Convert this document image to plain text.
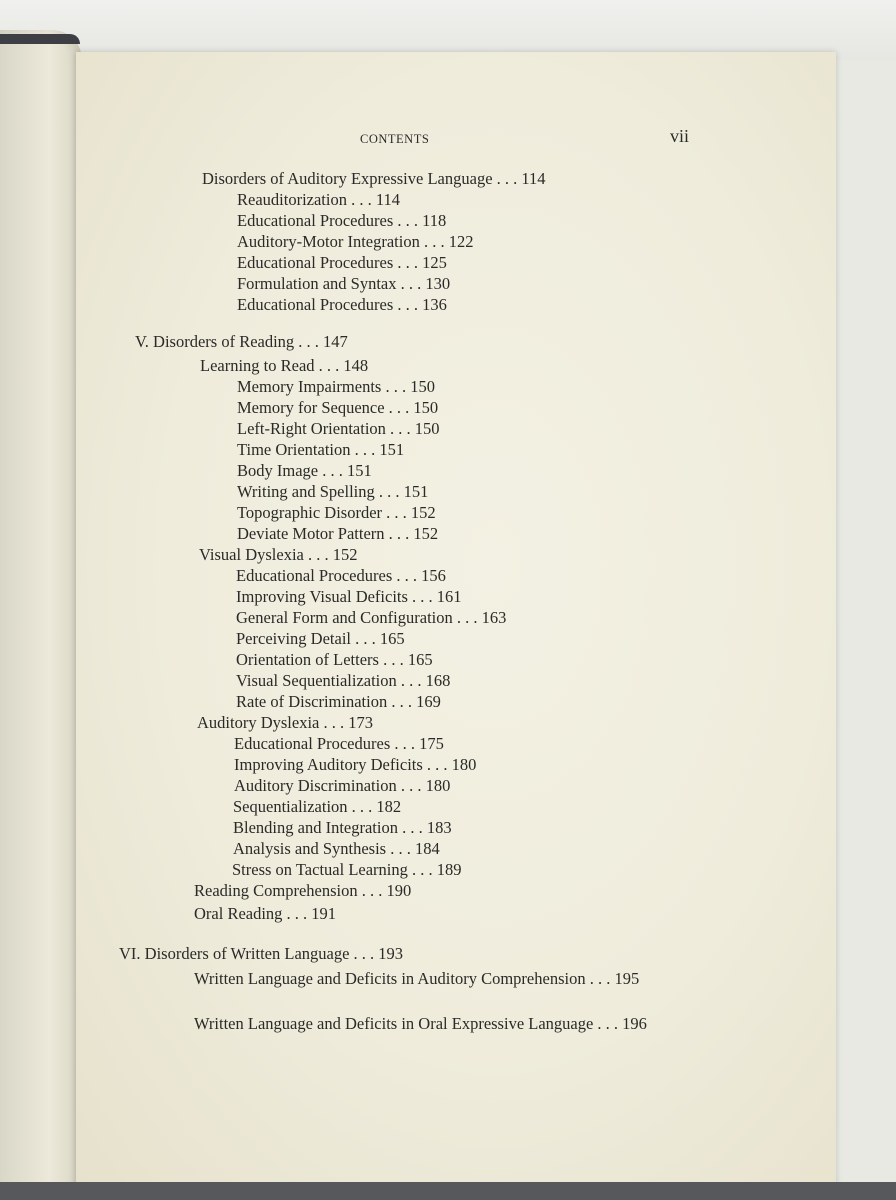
CONTENTS	vii
Disorders of Auditory Expressive Language . . . 114
Reauditorization . . . 114
Educational Procedures . . . 118
Auditory-Motor Integration . . . 122
Educational Procedures . . . 125
Formulation and Syntax . . . 130
Educational Procedures . . . 136
V. Disorders of Reading . . . 147
Learning to Read . . . 148
Memory Impairments . . . 150
Memory for Sequence . . . 150
Left-Right Orientation . . . 150
Time Orientation . . . 151
Body Image . . . 151
Writing and Spelling . . . 151
Topographic Disorder . . . 152
Deviate Motor Pattern . . . 152
Visual Dyslexia . . . 152
Educational Procedures . . . 156
Improving Visual Deficits . . . 161
General Form and Configuration . . . 163
Perceiving Detail . . . 165
Orientation of Letters . . . 165
Visual Sequentialization . . . 168
Rate of Discrimination . . . 169
Auditory Dyslexia . . . 173
Educational Procedures . . . 175
Improving Auditory Deficits . . . 180
Auditory Discrimination . . . 180
Sequentialization . . . 182
Blending and Integration . . . 183
Analysis and Synthesis . . . 184
Stress on Tactual Learning . . . 189
Reading Comprehension . . . 190
Oral Reading . . . 191
VI. Disorders of Written Language . . . 193
Written Language and Deficits in Auditory Comprehension . . . 195
Written Language and Deficits in Oral Expressive Language . . . 196
